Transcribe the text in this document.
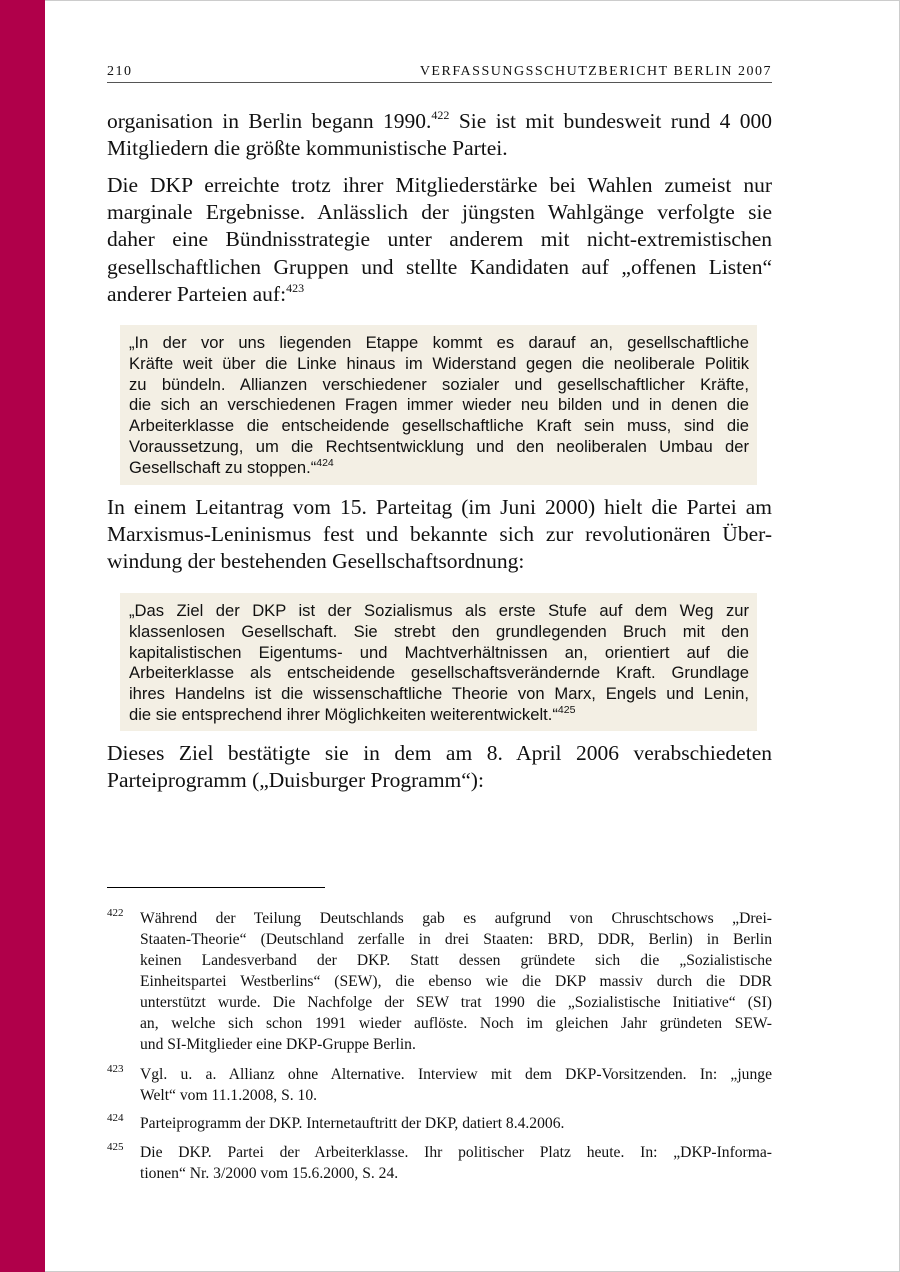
210	VERFASSUNGSSCHUTZBERICHT BERLIN 2007
organisation in Berlin begann 1990.$^{422}$ Sie ist mit bundesweit rund 4 000
Mitgliedern die größte kommunistische Partei.
Die DKP erreichte trotz ihrer Mitgliederstärke bei Wahlen zumeist nur
marginale Ergebnisse. Anlässlich der jüngsten Wahlgänge verfolgte sie
daher eine Bündnisstrategie unter anderem mit nicht-extremistischen
gesellschaftlichen Gruppen und stellte Kandidaten auf „offenen Listen“
anderer Parteien auf:$^{423}$
„In der vor uns liegenden Etappe kommt es darauf an, gesellschaftliche
Kräfte weit über die Linke hinaus im Widerstand gegen die neoliberale Politik
zu bündeln. Allianzen verschiedener sozialer und gesellschaftlicher Kräfte,
die sich an verschiedenen Fragen immer wieder neu bilden und in denen die
Arbeiterklasse die entscheidende gesellschaftliche Kraft sein muss, sind die
Voraussetzung, um die Rechtsentwicklung und den neoliberalen Umbau der
Gesellschaft zu stoppen.“$^{424}$
In einem Leitantrag vom 15. Parteitag (im Juni 2000) hielt die Partei am
Marxismus-Leninismus fest und bekannte sich zur revolutionären Über-
windung der bestehenden Gesellschaftsordnung:
„Das Ziel der DKP ist der Sozialismus als erste Stufe auf dem Weg zur
klassenlosen Gesellschaft. Sie strebt den grundlegenden Bruch mit den
kapitalistischen Eigentums- und Machtverhältnissen an, orientiert auf die
Arbeiterklasse als entscheidende gesellschaftsverändernde Kraft. Grundlage
ihres Handelns ist die wissenschaftliche Theorie von Marx, Engels und Lenin,
die sie entsprechend ihrer Möglichkeiten weiterentwickelt.“$^{425}$
Dieses Ziel bestätigte sie in dem am 8. April 2006 verabschiedeten
Parteiprogramm („Duisburger Programm“):
422 Während der Teilung Deutschlands gab es aufgrund von Chruschtschows „Drei-
Staaten-Theorie“ (Deutschland zerfalle in drei Staaten: BRD, DDR, Berlin) in Berlin
keinen Landesverband der DKP. Statt dessen gründete sich die „Sozialistische
Einheitspartei Westberlins“ (SEW), die ebenso wie die DKP massiv durch die DDR
unterstützt wurde. Die Nachfolge der SEW trat 1990 die „Sozialistische Initiative“ (SI)
an, welche sich schon 1991 wieder auflöste. Noch im gleichen Jahr gründeten SEW-
und SI-Mitglieder eine DKP-Gruppe Berlin.
423 Vgl. u. a. Allianz ohne Alternative. Interview mit dem DKP-Vorsitzenden. In: „junge
Welt“ vom 11.1.2008, S. 10.
424 Parteiprogramm der DKP. Internetauftritt der DKP, datiert 8.4.2006.
425 Die DKP. Partei der Arbeiterklasse. Ihr politischer Platz heute. In: „DKP-Informa-
tionen“ Nr. 3/2000 vom 15.6.2000, S. 24.
